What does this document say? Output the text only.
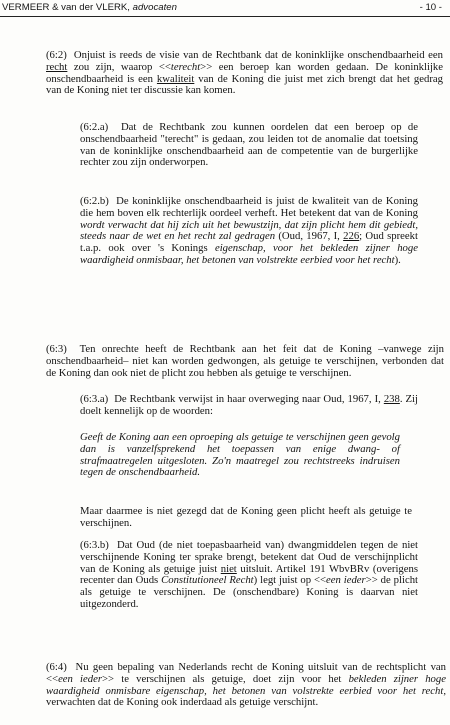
VERMEER & van der VLERK, advocaten	- 10 -

(6:2)  Onjuist is reeds de visie van de Rechtbank dat de koninklijke onschendbaarheid een recht zou zijn, waarop <<terecht>> een beroep kan worden gedaan. De koninklijke onschendbaarheid is een kwaliteit van de Koning die juist met zich brengt dat het gedrag van de Koning niet ter discussie kan komen.

(6:2.a)  Dat de Rechtbank zou kunnen oordelen dat een beroep op de onschendbaarheid "terecht" is gedaan, zou leiden tot de anomalie dat toetsing van de koninklijke onschendbaarheid aan de competentie van de burgerlijke rechter zou zijn onderworpen.

(6:2.b)  De koninklijke onschendbaarheid is juist de kwaliteit van de Koning die hem boven elk rechterlijk oordeel verheft. Het betekent dat van de Koning wordt verwacht dat hij zich uit het bewustzijn, dat zijn plicht hem dit gebiedt, steeds naar de wet en het recht zal gedragen (Oud, 1967, I, 226; Oud spreekt t.a.p. ook over 's Konings eigenschap, voor het bekleden zijner hoge waardigheid onmisbaar, het betonen van volstrekte eerbied voor het recht).

(6:3)  Ten onrechte heeft de Rechtbank aan het feit dat de Koning –vanwege zijn onschendbaarheid– niet kan worden gedwongen, als getuige te verschijnen, verbonden dat de Koning dan ook niet de plicht zou hebben als getuige te verschijnen.

(6:3.a)  De Rechtbank verwijst in haar overweging naar Oud, 1967, I, 238. Zij doelt kennelijk op de woorden:

Geeft de Koning aan een oproeping als getuige te verschijnen geen gevolg dan is vanzelfsprekend het toepassen van enige dwang- of strafmaatregelen uitgesloten. Zo'n maatregel zou rechtstreeks indruisen tegen de onschendbaarheid.

Maar daarmee is niet gezegd dat de Koning geen plicht heeft als getuige te verschijnen.

(6:3.b)  Dat Oud (de niet toepasbaarheid van) dwangmiddelen tegen de niet verschijnende Koning ter sprake brengt, betekent dat Oud de verschijnplicht van de Koning als getuige juist niet uitsluit. Artikel 191 WbvBRv (overigens recenter dan Ouds Constitutioneel Recht) legt juist op <<een ieder>> de plicht als getuige te verschijnen. De (onschendbare) Koning is daarvan niet uitgezonderd.

(6:4)  Nu geen bepaling van Nederlands recht de Koning uitsluit van de rechtsplicht van <<een ieder>> te verschijnen als getuige, doet zijn voor het bekleden zijner hoge waardigheid onmisbare eigenschap, het betonen van volstrekte eerbied voor het recht, verwachten dat de Koning ook inderdaad als getuige verschijnt.
